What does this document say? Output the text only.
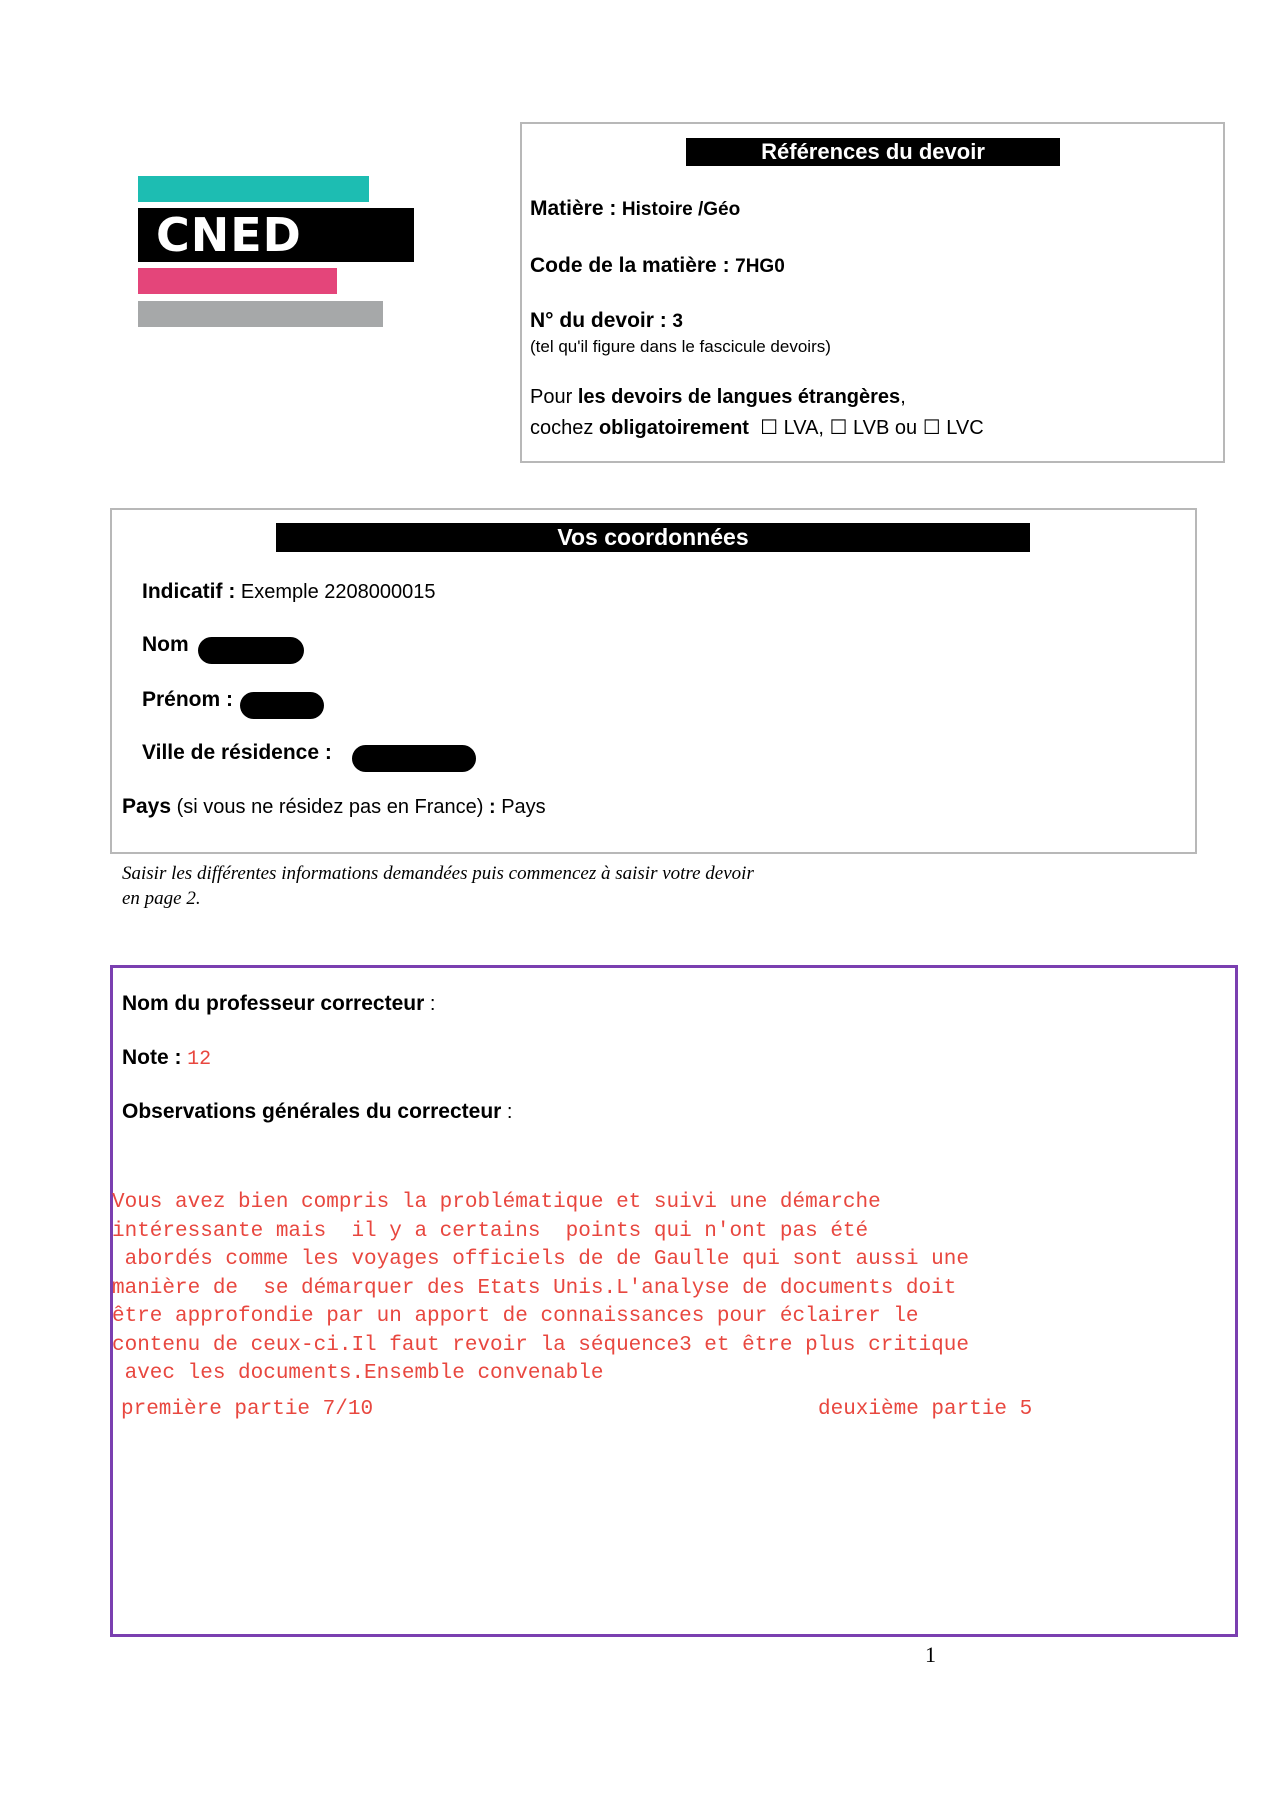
CNED
Références du devoir
Matière : Histoire /Géo
Code de la matière : 7HG0
N° du devoir : 3
(tel qu'il figure dans le fascicule devoirs)
Pour les devoirs de langues étrangères,
cochez obligatoirement ☐ LVA, ☐ LVB ou ☐ LVC
Vos coordonnées
Indicatif : Exemple 2208000015
Nom
Prénom :
Ville de résidence :
Pays (si vous ne résidez pas en France) : Pays
Saisir les différentes informations demandées puis commencez à saisir votre devoir en page 2.
Nom du professeur correcteur :
Note : 12
Observations générales du correcteur :
Vous avez bien compris la problématique et suivi une démarche
intéressante mais  il y a certains  points qui n'ont pas été
abordés comme les voyages officiels de de Gaulle qui sont aussi une
manière de  se démarquer des Etats Unis.L'analyse de documents doit
être approfondie par un apport de connaissances pour éclairer le
contenu de ceux-ci.Il faut revoir la séquence3 et être plus critique
avec les documents.Ensemble convenable
première partie 7/10	deuxième partie 5
1
